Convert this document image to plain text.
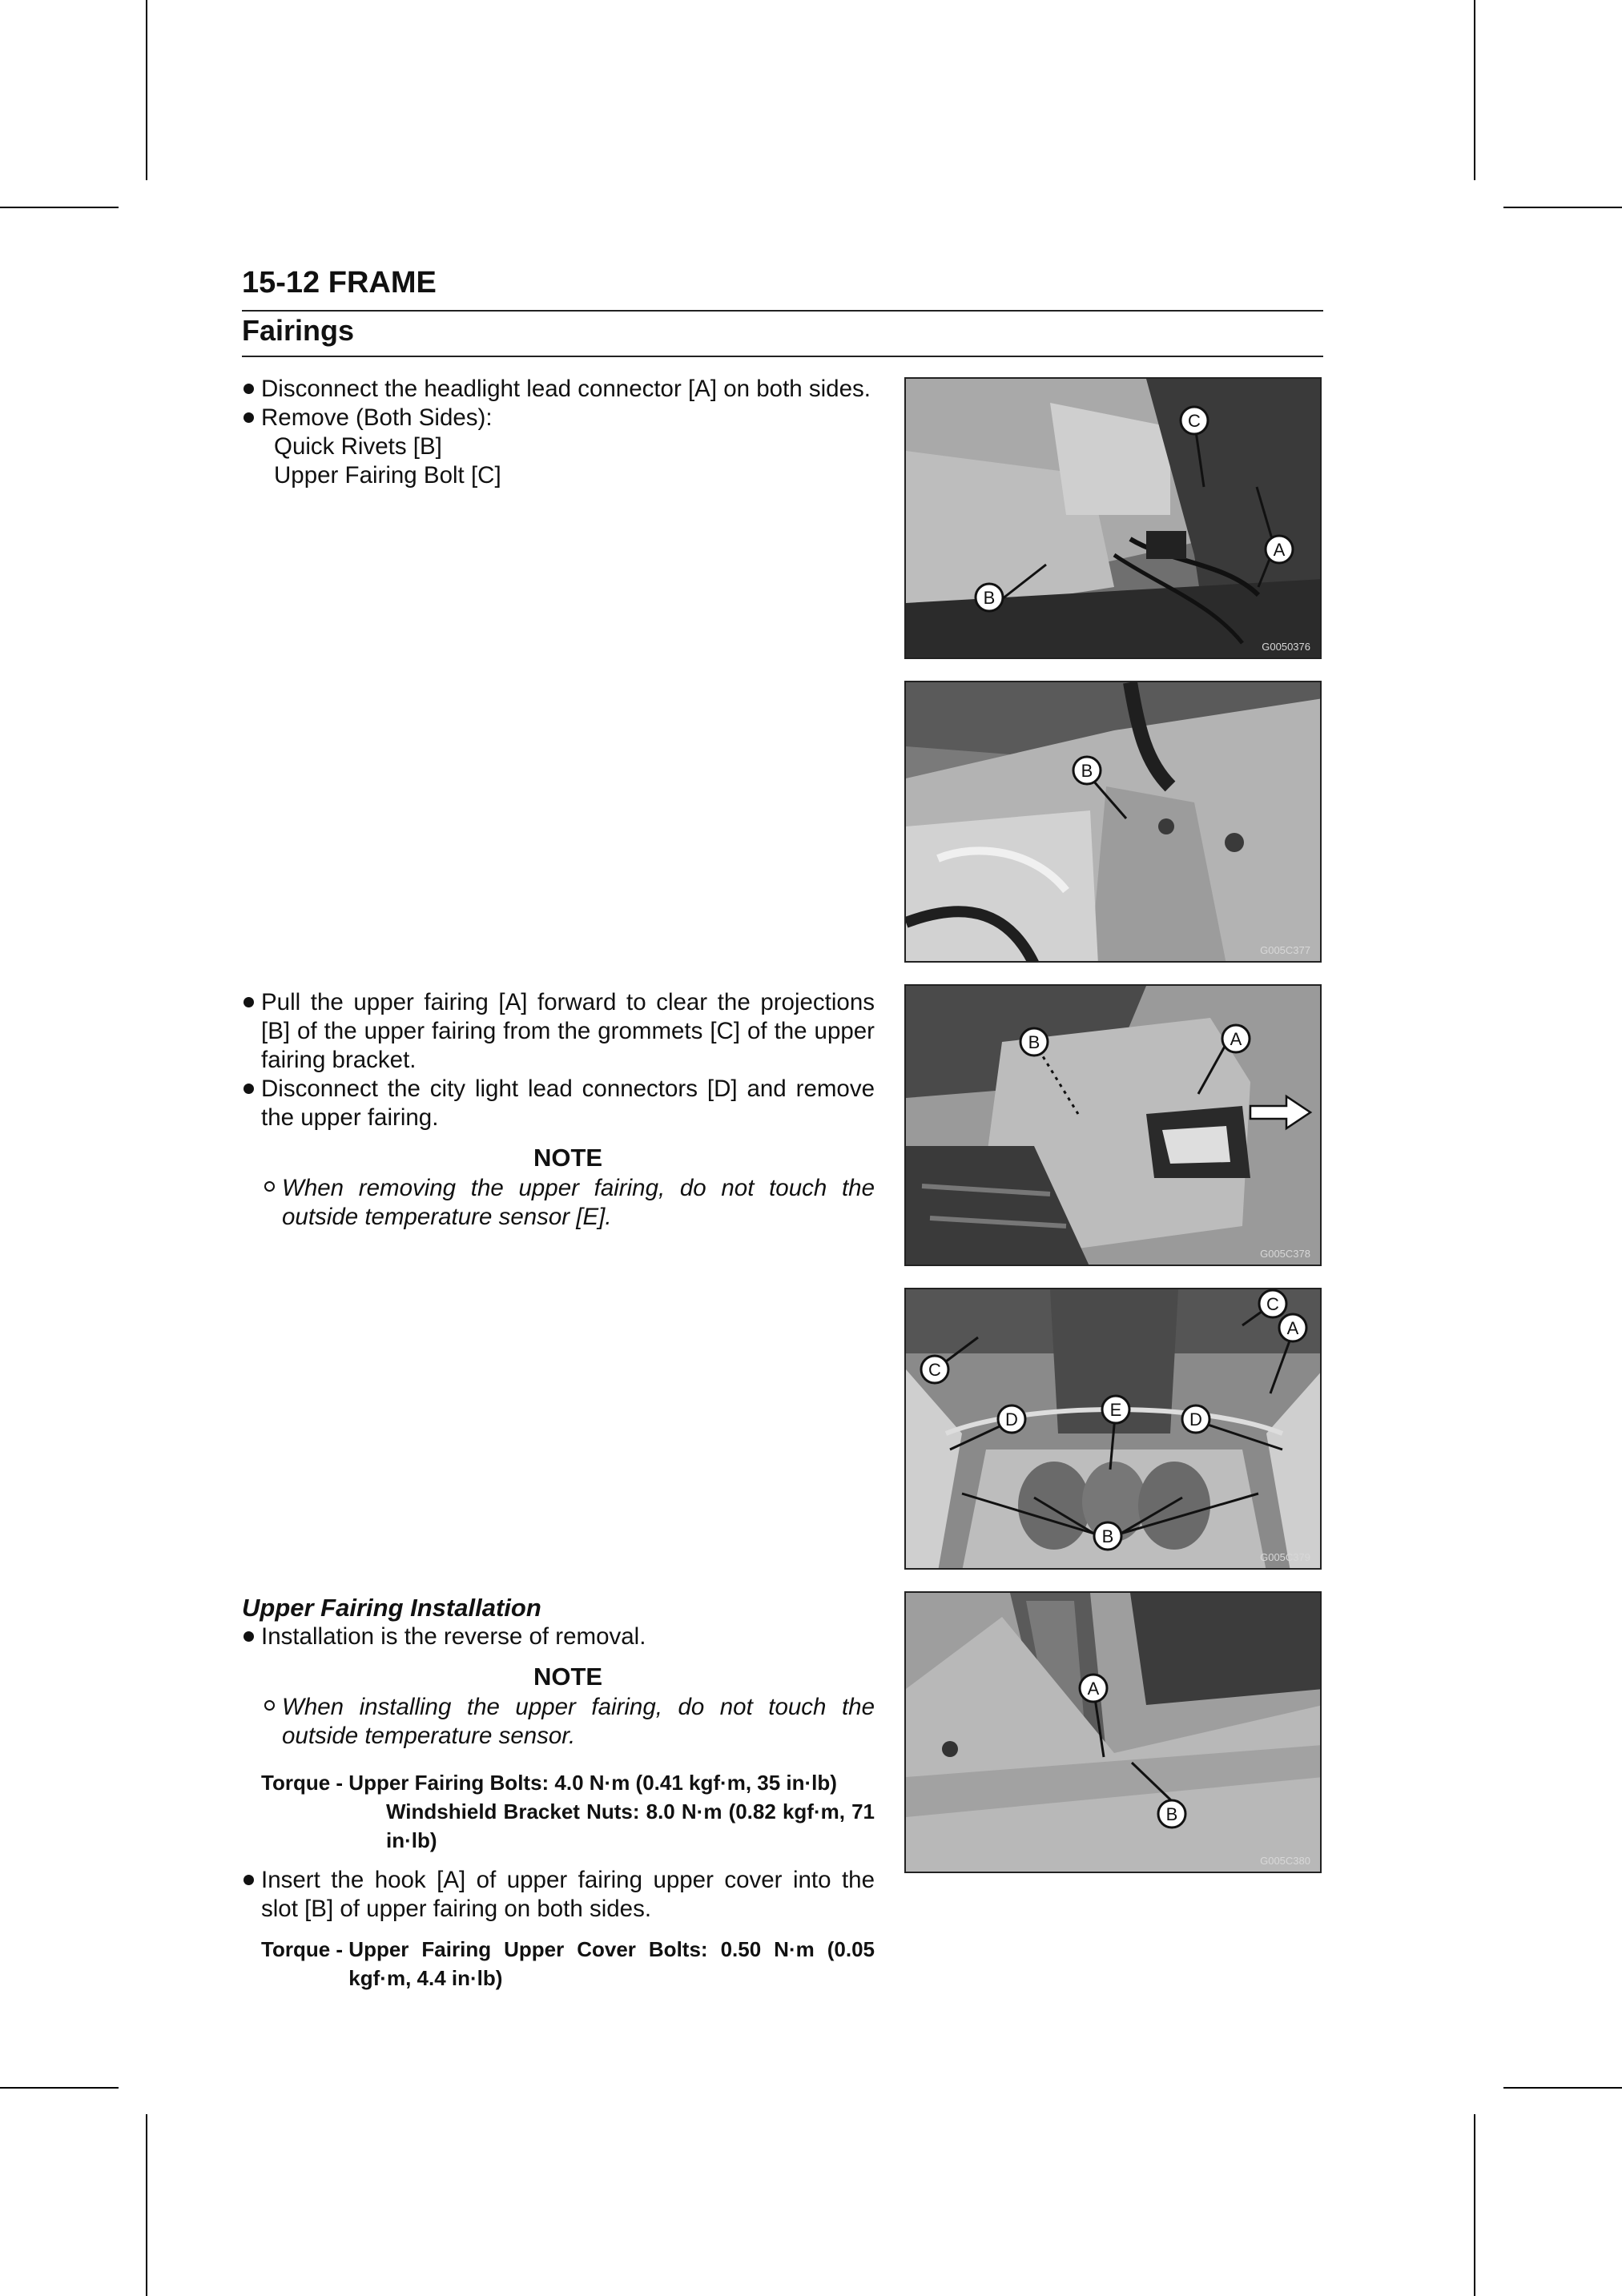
15-12 FRAME
Fairings
Disconnect the headlight lead connector [A] on both sides.
Remove (Both Sides):
Quick Rivets [B]
Upper Fairing Bolt [C]
Pull the upper fairing [A] forward to clear the projections [B] of the upper fairing from the grommets [C] of the upper fairing bracket.
Disconnect the city light lead connectors [D] and remove the upper fairing.
NOTE
When removing the upper fairing, do not touch the outside temperature sensor [E].
Upper Fairing Installation
Installation is the reverse of removal.
NOTE
When installing the upper fairing, do not touch the outside temperature sensor.
Torque -
Upper Fairing Bolts: 4.0 N·m (0.41 kgf·m, 35 in·lb)
Windshield Bracket Nuts: 8.0 N·m (0.82 kgf·m, 71 in·lb)
Insert the hook [A] of upper fairing upper cover into the slot [B] of upper fairing on both sides.
Torque -
Upper Fairing Upper Cover Bolts: 0.50 N·m (0.05 kgf·m, 4.4 in·lb)
C
A
B
G0050376
B
G005C377
B	A
G005C378
C
A
C
D	E	D
B
G005C379
A
B
G005C380
